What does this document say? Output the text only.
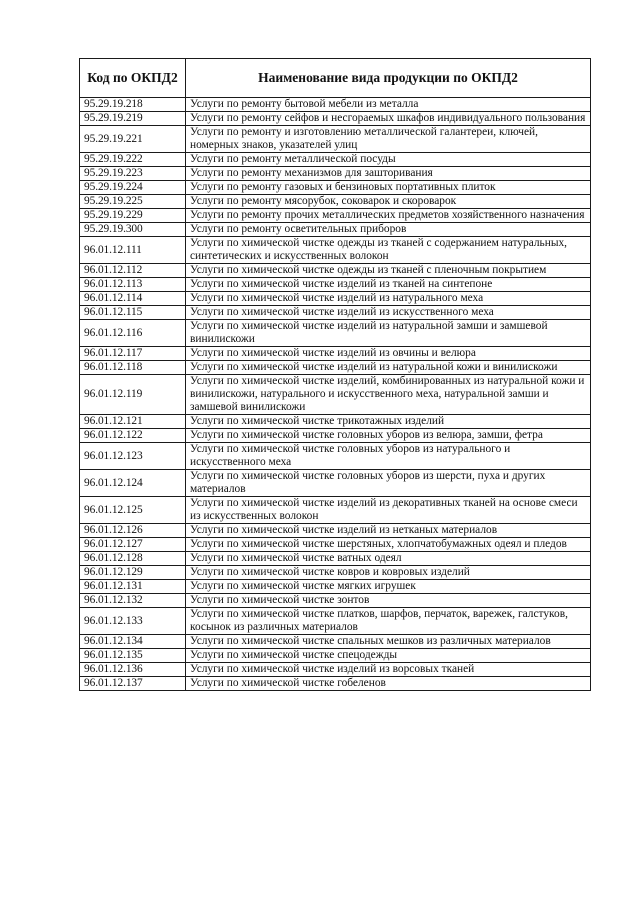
Код по ОКПД2	Наименование вида продукции по ОКПД2
95.29.19.218	Услуги по ремонту бытовой мебели из металла
95.29.19.219	Услуги по ремонту сейфов и несгораемых шкафов индивидуального пользования
95.29.19.221	Услуги по ремонту и изготовлению металлической галантереи, ключей, номерных знаков, указателей улиц
95.29.19.222	Услуги по ремонту металлической посуды
95.29.19.223	Услуги по ремонту механизмов для зашторивания
95.29.19.224	Услуги по ремонту газовых и бензиновых портативных плиток
95.29.19.225	Услуги по ремонту мясорубок, соковарок и скороварок
95.29.19.229	Услуги по ремонту прочих металлических предметов хозяйственного назначения
95.29.19.300	Услуги по ремонту осветительных приборов
96.01.12.111	Услуги по химической чистке одежды из тканей с содержанием натуральных, синтетических и искусственных волокон
96.01.12.112	Услуги по химической чистке одежды из тканей с пленочным покрытием
96.01.12.113	Услуги по химической чистке изделий из тканей на синтепоне
96.01.12.114	Услуги по химической чистке изделий из натурального меха
96.01.12.115	Услуги по химической чистке изделий из искусственного меха
96.01.12.116	Услуги по химической чистке изделий из натуральной замши и замшевой винилискожи
96.01.12.117	Услуги по химической чистке изделий из овчины и велюра
96.01.12.118	Услуги по химической чистке изделий из натуральной кожи и винилискожи
96.01.12.119	Услуги по химической чистке изделий, комбинированных из натуральной кожи и винилискожи, натурального и искусственного меха, натуральной замши и замшевой винилискожи
96.01.12.121	Услуги по химической чистке трикотажных изделий
96.01.12.122	Услуги по химической чистке головных уборов из велюра, замши, фетра
96.01.12.123	Услуги по химической чистке головных уборов из натурального и искусственного меха
96.01.12.124	Услуги по химической чистке головных уборов из шерсти, пуха и других материалов
96.01.12.125	Услуги по химической чистке изделий из декоративных тканей на основе смеси из искусственных волокон
96.01.12.126	Услуги по химической чистке изделий из нетканых материалов
96.01.12.127	Услуги по химической чистке шерстяных, хлопчатобумажных одеял и пледов
96.01.12.128	Услуги по химической чистке ватных одеял
96.01.12.129	Услуги по химической чистке ковров и ковровых изделий
96.01.12.131	Услуги по химической чистке мягких игрушек
96.01.12.132	Услуги по химической чистке зонтов
96.01.12.133	Услуги по химической чистке платков, шарфов, перчаток, варежек, галстуков, косынок из различных материалов
96.01.12.134	Услуги по химической чистке спальных мешков из различных материалов
96.01.12.135	Услуги по химической чистке спецодежды
96.01.12.136	Услуги по химической чистке изделий из ворсовых тканей
96.01.12.137	Услуги по химической чистке гобеленов
